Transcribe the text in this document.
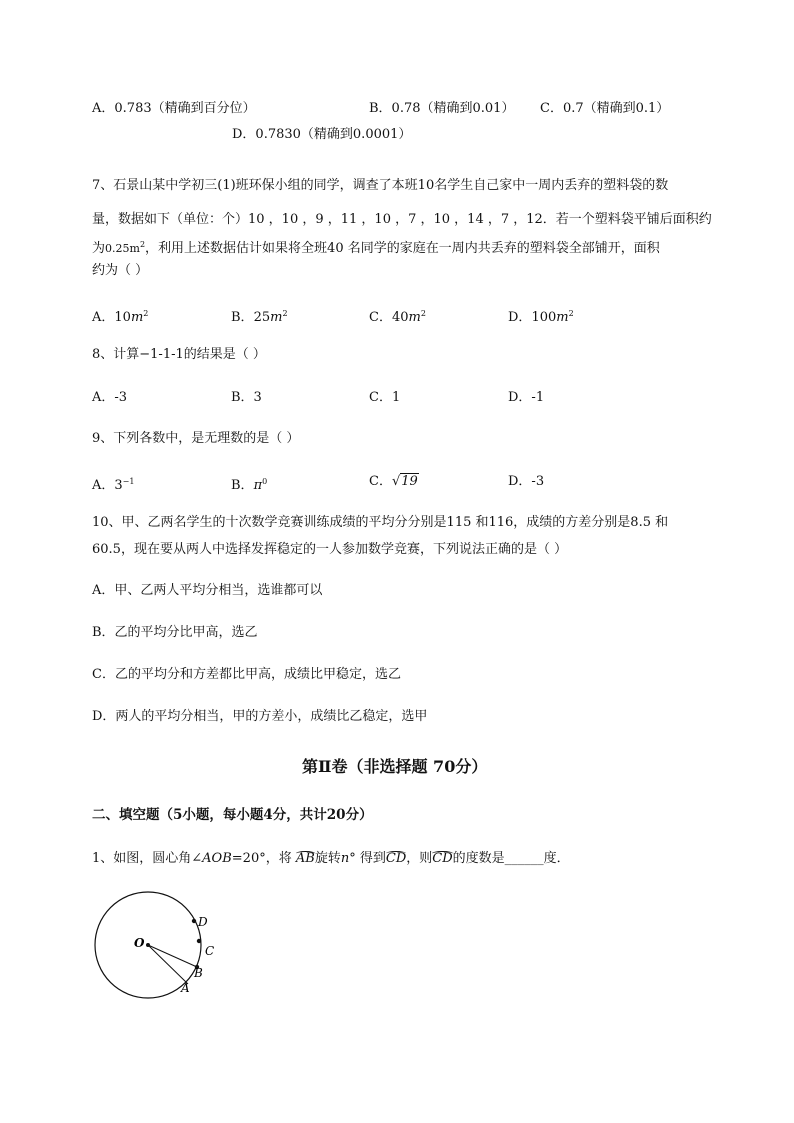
A．0.783（精确到百分位）	B．0.78（精确到0.01） C．0.7（精确到0.1）
D．0.7830（精确到0.0001）
7、石景山某中学初三(1)班环保小组的同学，调查了本班10名学生自己家中一周内丢弃的塑料袋的数
量，数据如下（单位：个）10 ，10 ，9 ，11 ，10 ，7 ，10 ，14 ，7 ，12．若一个塑料袋平铺后面积约
为$0.25m^2$，利用上述数据估计如果将全班40 名同学的家庭在一周内共丢弃的塑料袋全部铺开，面积
约为（ ）
A．$10m^2$	B．$25m^2$	C．$40m^2$	D．$100m^2$
8、计算−1-1-1的结果是（ ）
A．-3	B．3	C．1	D．-1
9、下列各数中，是无理数的是（ ）
A．$3^{-1}$	B．$\pi^0$	C．√19	D．-3
10、甲、乙两名学生的十次数学竞赛训练成绩的平均分分别是115 和116，成绩的方差分别是8.5 和
60.5，现在要从两人中选择发挥稳定的一人参加数学竞赛，下列说法正确的是（ ）
A．甲、乙两人平均分相当，选谁都可以
B．乙的平均分比甲高，选乙
C．乙的平均分和方差都比甲高，成绩比甲稳定，选乙
D．两人的平均分相当，甲的方差小，成绩比乙稳定，选甲
第Ⅱ卷（非选择题 70分）
二、填空题（5小题，每小题4分，共计20分）
1、如图，圆心角∠AOB=20°，将 AB旋转n° 得到CD，则CD的度数是______度．
O
D
C
B
A
